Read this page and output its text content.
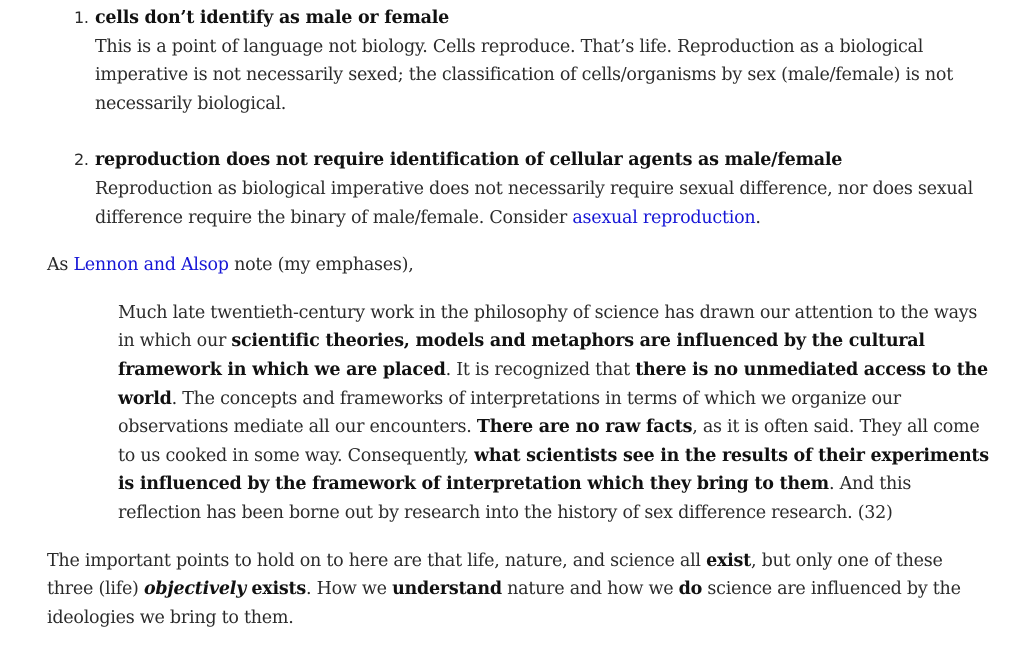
1. cells don’t identify as male or female
This is a point of language not biology. Cells reproduce. That’s life. Reproduction as a biological imperative is not necessarily sexed; the classification of cells/organisms by sex (male/female) is not necessarily biological.
2. reproduction does not require identification of cellular agents as male/female
Reproduction as biological imperative does not necessarily require sexual difference, nor does sexual difference require the binary of male/female. Consider asexual reproduction.

As Lennon and Alsop note (my emphases),

Much late twentieth-century work in the philosophy of science has drawn our attention to the ways in which our scientific theories, models and metaphors are influenced by the cultural framework in which we are placed. It is recognized that there is no unmediated access to the world. The concepts and frameworks of interpretations in terms of which we organize our observations mediate all our encounters. There are no raw facts, as it is often said. They all come to us cooked in some way. Consequently, what scientists see in the results of their experiments is influenced by the framework of interpretation which they bring to them. And this reflection has been borne out by research into the history of sex difference research. (32)

The important points to hold on to here are that life, nature, and science all exist, but only one of these three (life) objectively exists. How we understand nature and how we do science are influenced by the ideologies we bring to them.
